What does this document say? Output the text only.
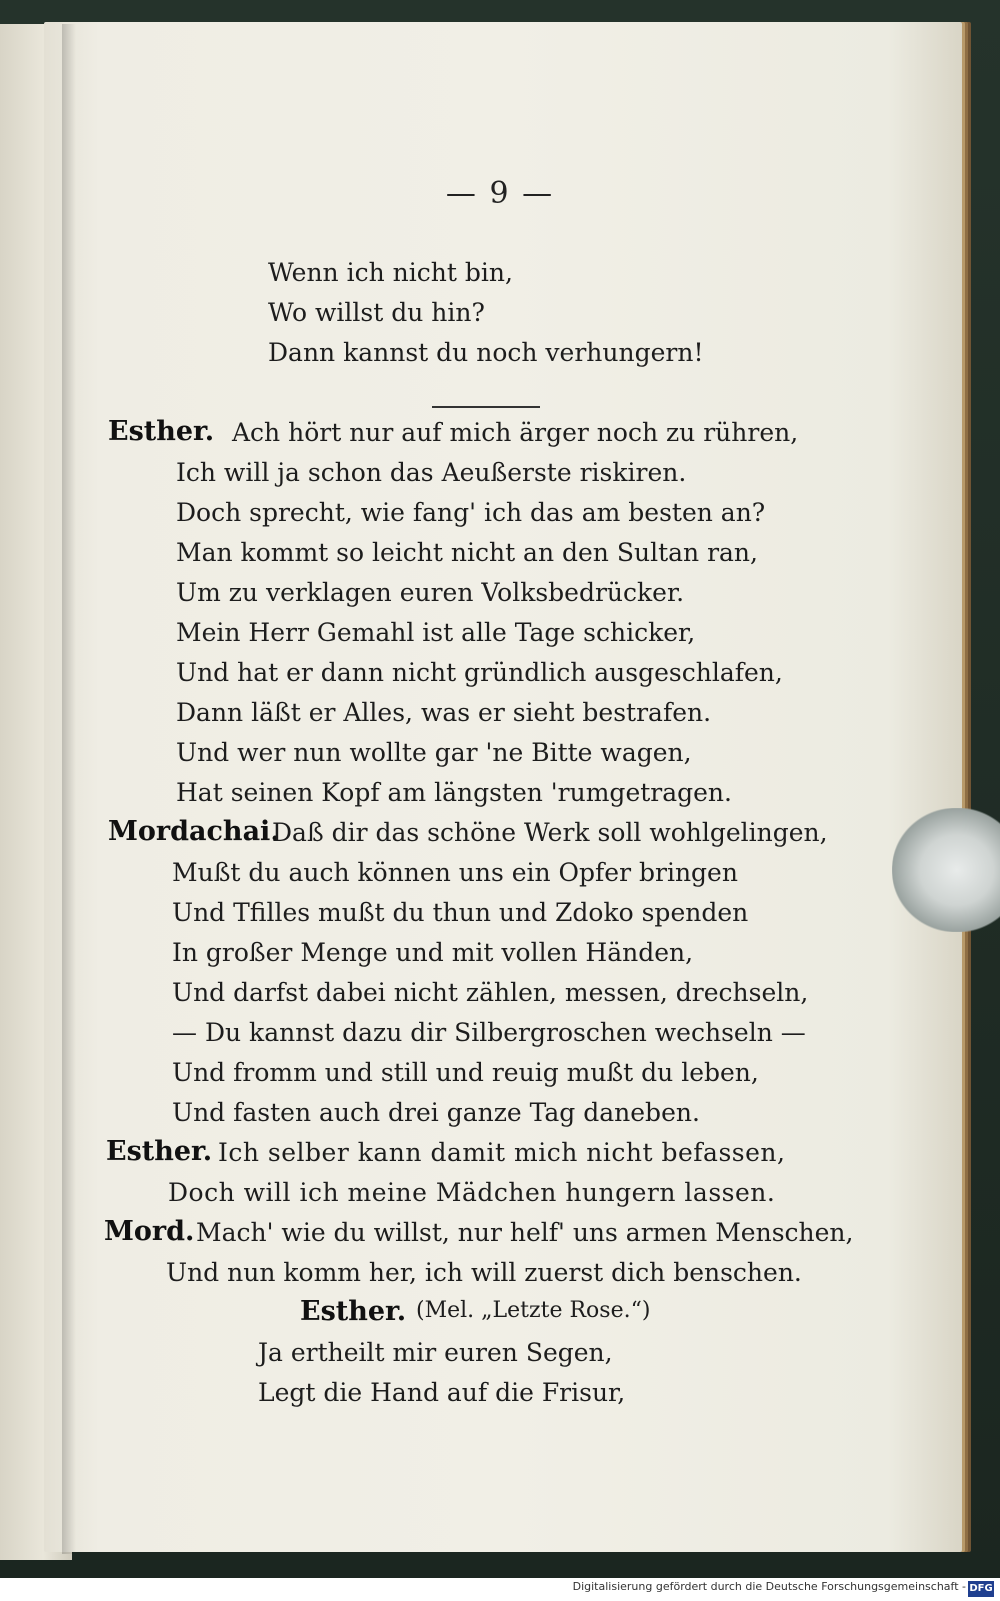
— 9 —
Wenn ich nicht bin,
Wo willst du hin?
Dann kannst du noch verhungern!
Esther. Ach hört nur auf mich ärger noch zu rühren,
Ich will ja schon das Aeußerste riskiren.
Doch sprecht, wie fang' ich das am besten an?
Man kommt so leicht nicht an den Sultan ran,
Um zu verklagen euren Volksbedrücker.
Mein Herr Gemahl ist alle Tage schicker,
Und hat er dann nicht gründlich ausgeschlafen,
Dann läßt er Alles, was er sieht bestrafen.
Und wer nun wollte gar 'ne Bitte wagen,
Hat seinen Kopf am längsten 'rumgetragen.
Mordachai.
Daß dir das schöne Werk soll wohlgelingen,
Mußt du auch können uns ein Opfer bringen
Und Tfilles mußt du thun und Zdoko spenden
In großer Menge und mit vollen Händen,
Und darfst dabei nicht zählen, messen, drechseln,
— Du kannst dazu dir Silbergroschen wechseln —
Und fromm und still und reuig mußt du leben,
Und fasten auch drei ganze Tag daneben.
Esther. Ich selber kann damit mich nicht befassen,
Doch will ich meine Mädchen hungern lassen.
Mord. Mach' wie du willst, nur helf' uns armen Menschen,
Und nun komm her, ich will zuerst dich benschen.
Esther. (Mel. „Letzte Rose.“)
Ja ertheilt mir euren Segen,
Legt die Hand auf die Frisur,
Digitalisierung gefördert durch die Deutsche Forschungsgemeinschaft - DFG
